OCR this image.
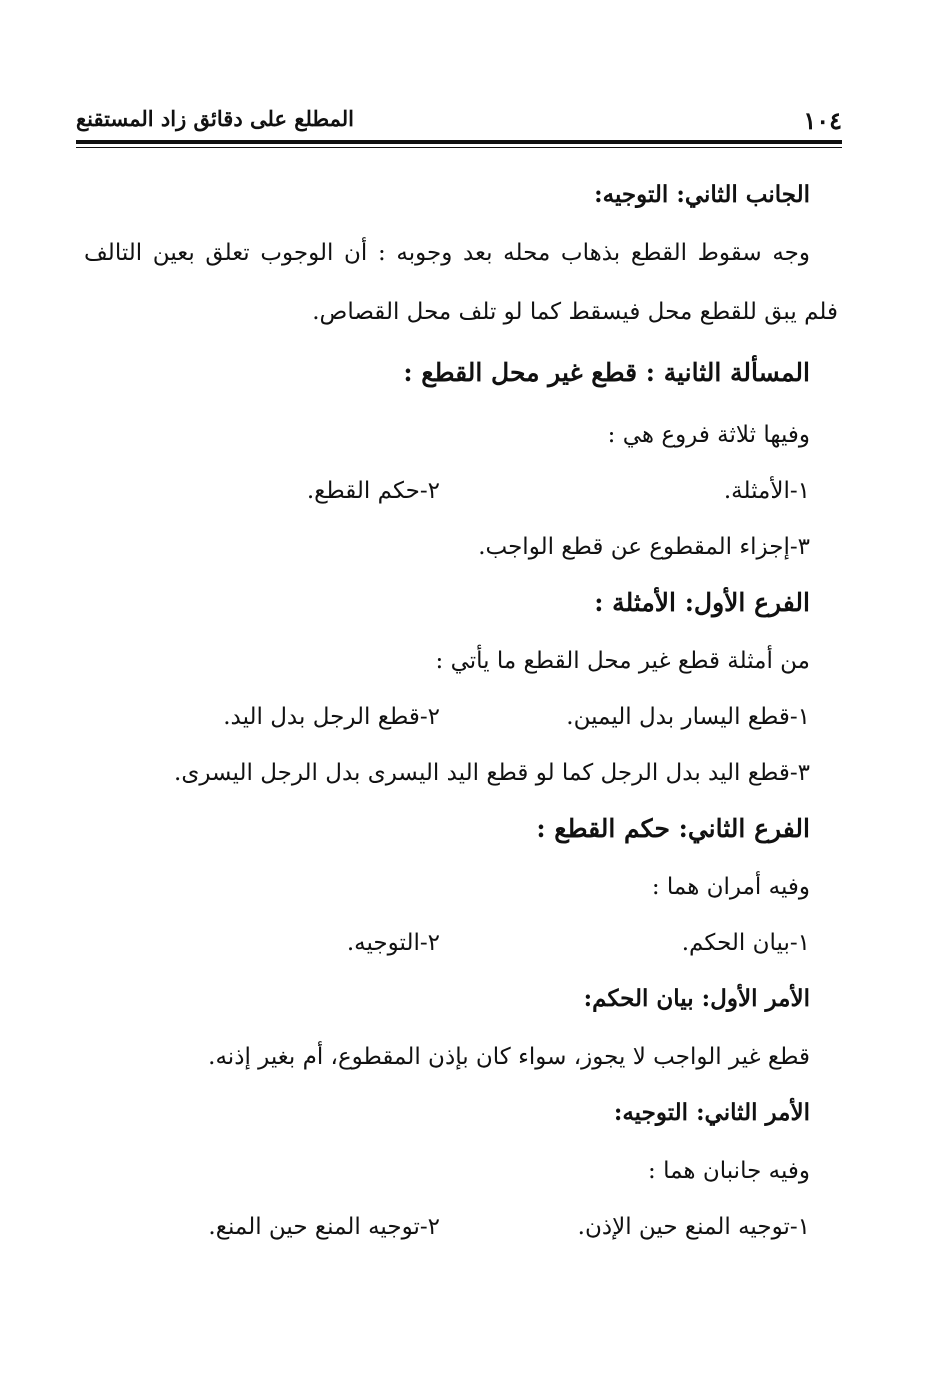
١٠٤
المطلع على دقائق زاد المستقنع
الجانب الثاني: التوجيه:
وجه سقوط القطع بذهاب محله بعد وجوبه : أن الوجوب تعلق بعين التالف
فلم يبق للقطع محل فيسقط كما لو تلف محل القصاص.
المسألة الثانية : قطع غير محل القطع :
وفيها ثلاثة فروع هي :
١-الأمثلة.
٢-حكم القطع.
٣-إجزاء المقطوع عن قطع الواجب.
الفرع الأول: الأمثلة :
من أمثلة قطع غير محل القطع ما يأتي :
١-قطع اليسار بدل اليمين.
٢-قطع الرجل بدل اليد.
٣-قطع اليد بدل الرجل كما لو قطع اليد اليسرى بدل الرجل اليسرى.
الفرع الثاني: حكم القطع :
وفيه أمران هما :
١-بيان الحكم.
٢-التوجيه.
الأمر الأول: بيان الحكم:
قطع غير الواجب لا يجوز، سواء كان بإذن المقطوع، أم بغير إذنه.
الأمر الثاني: التوجيه:
وفيه جانبان هما :
١-توجيه المنع حين الإذن.
٢-توجيه المنع حين المنع.
